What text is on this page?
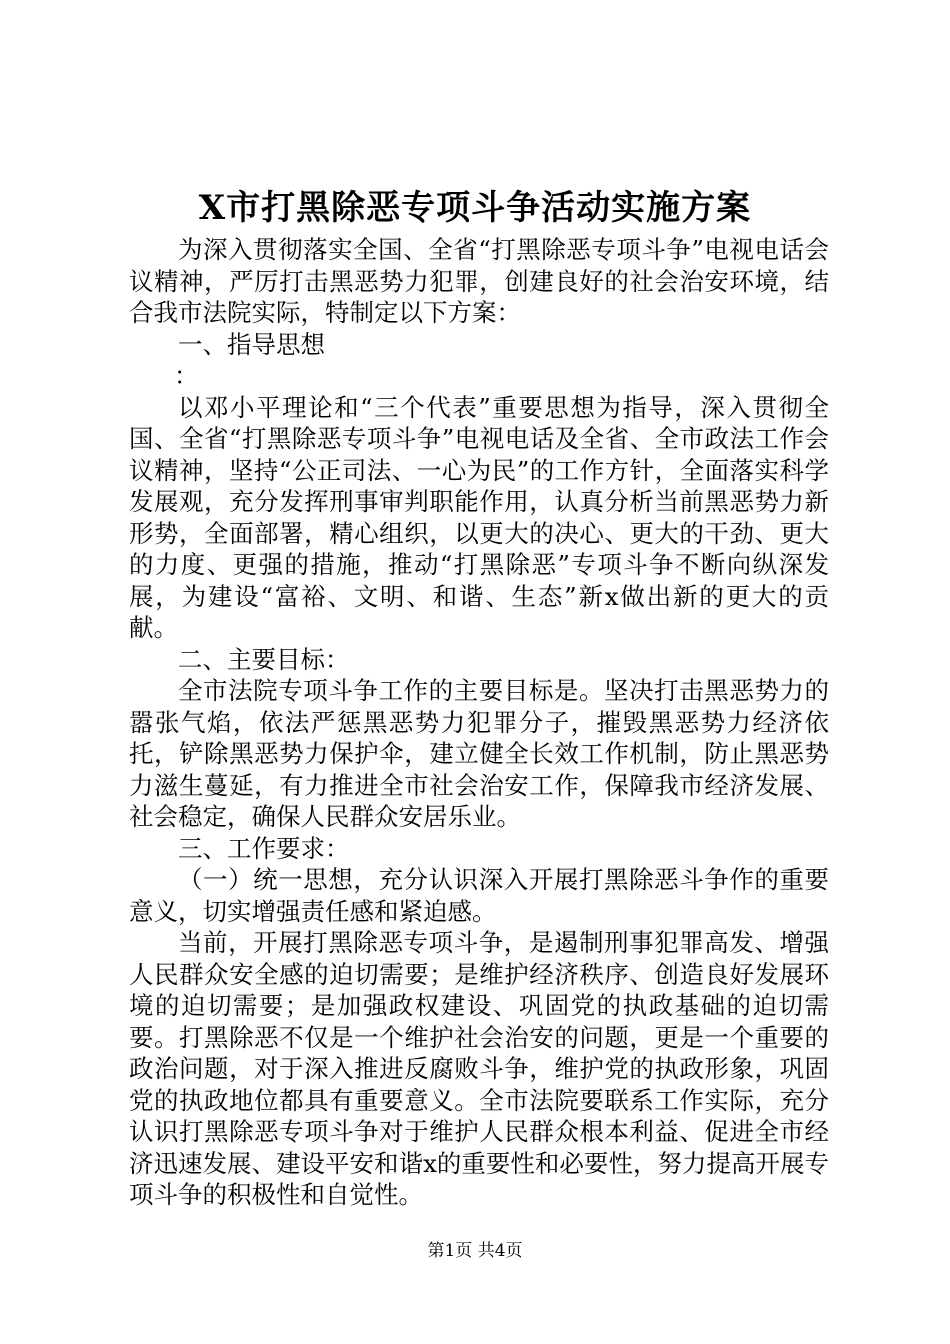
X市打黑除恶专项斗争活动实施方案

为深入贯彻落实全国、全省“打黑除恶专项斗争”电视电话会议精神，严厉打击黑恶势力犯罪，创建良好的社会治安环境，结合我市法院实际，特制定以下方案：

一、指导思想

：

以邓小平理论和“三个代表”重要思想为指导，深入贯彻全国、全省“打黑除恶专项斗争”电视电话及全省、全市政法工作会议精神，坚持“公正司法、一心为民”的工作方针，全面落实科学发展观，充分发挥刑事审判职能作用，认真分析当前黑恶势力新形势，全面部署，精心组织，以更大的决心、更大的干劲、更大的力度、更强的措施，推动“打黑除恶”专项斗争不断向纵深发展，为建设“富裕、文明、和谐、生态”新x做出新的更大的贡献。

二、主要目标：

全市法院专项斗争工作的主要目标是。坚决打击黑恶势力的嚣张气焰，依法严惩黑恶势力犯罪分子，摧毁黑恶势力经济依托，铲除黑恶势力保护伞，建立健全长效工作机制，防止黑恶势力滋生蔓延，有力推进全市社会治安工作，保障我市经济发展、社会稳定，确保人民群众安居乐业。

三、工作要求：

（一）统一思想，充分认识深入开展打黑除恶斗争作的重要意义，切实增强责任感和紧迫感。

当前，开展打黑除恶专项斗争，是遏制刑事犯罪高发、增强人民群众安全感的迫切需要；是维护经济秩序、创造良好发展环境的迫切需要；是加强政权建设、巩固党的执政基础的迫切需要。打黑除恶不仅是一个维护社会治安的问题，更是一个重要的政治问题，对于深入推进反腐败斗争，维护党的执政形象，巩固党的执政地位都具有重要意义。全市法院要联系工作实际，充分认识打黑除恶专项斗争对于维护人民群众根本利益、促进全市经济迅速发展、建设平安和谐x的重要性和必要性，努力提高开展专项斗争的积极性和自觉性。

第1页 共4页
